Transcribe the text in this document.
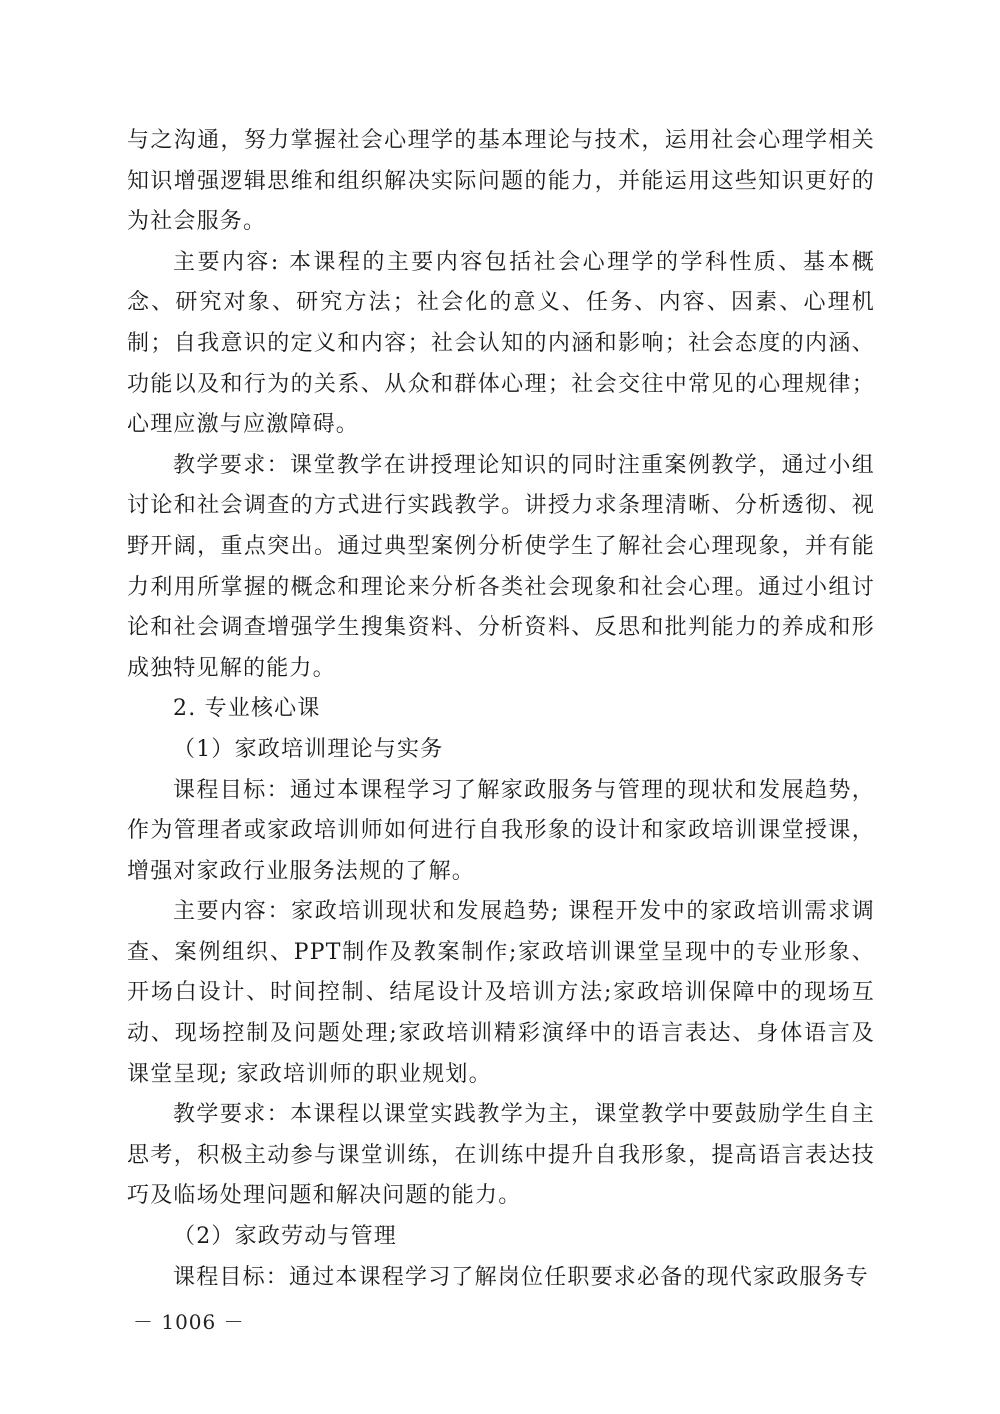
与之沟通，努力掌握社会心理学的基本理论与技术，运用社会心理学相关知识增强逻辑思维和组织解决实际问题的能力，并能运用这些知识更好的为社会服务。

主要内容: 本课程的主要内容包括社会心理学的学科性质、基本概念、研究对象、研究方法；社会化的意义、任务、内容、因素、心理机制；自我意识的定义和内容；社会认知的内涵和影响；社会态度的内涵、功能以及和行为的关系、从众和群体心理；社会交往中常见的心理规律；心理应激与应激障碍。

教学要求：课堂教学在讲授理论知识的同时注重案例教学，通过小组讨论和社会调查的方式进行实践教学。讲授力求条理清晰、分析透彻、视野开阔，重点突出。通过典型案例分析使学生了解社会心理现象，并有能力利用所掌握的概念和理论来分析各类社会现象和社会心理。通过小组讨论和社会调查增强学生搜集资料、分析资料、反思和批判能力的养成和形成独特见解的能力。

2. 专业核心课

（1）家政培训理论与实务

课程目标：通过本课程学习了解家政服务与管理的现状和发展趋势，作为管理者或家政培训师如何进行自我形象的设计和家政培训课堂授课，增强对家政行业服务法规的了解。

主要内容：家政培训现状和发展趋势; 课程开发中的家政培训需求调查、案例组织、PPT制作及教案制作;家政培训课堂呈现中的专业形象、开场白设计、时间控制、结尾设计及培训方法;家政培训保障中的现场互动、现场控制及问题处理;家政培训精彩演绎中的语言表达、身体语言及课堂呈现; 家政培训师的职业规划。

教学要求：本课程以课堂实践教学为主，课堂教学中要鼓励学生自主思考，积极主动参与课堂训练，在训练中提升自我形象，提高语言表达技巧及临场处理问题和解决问题的能力。

（2）家政劳动与管理

课程目标：通过本课程学习了解岗位任职要求必备的现代家政服务专

－ 1006 －
